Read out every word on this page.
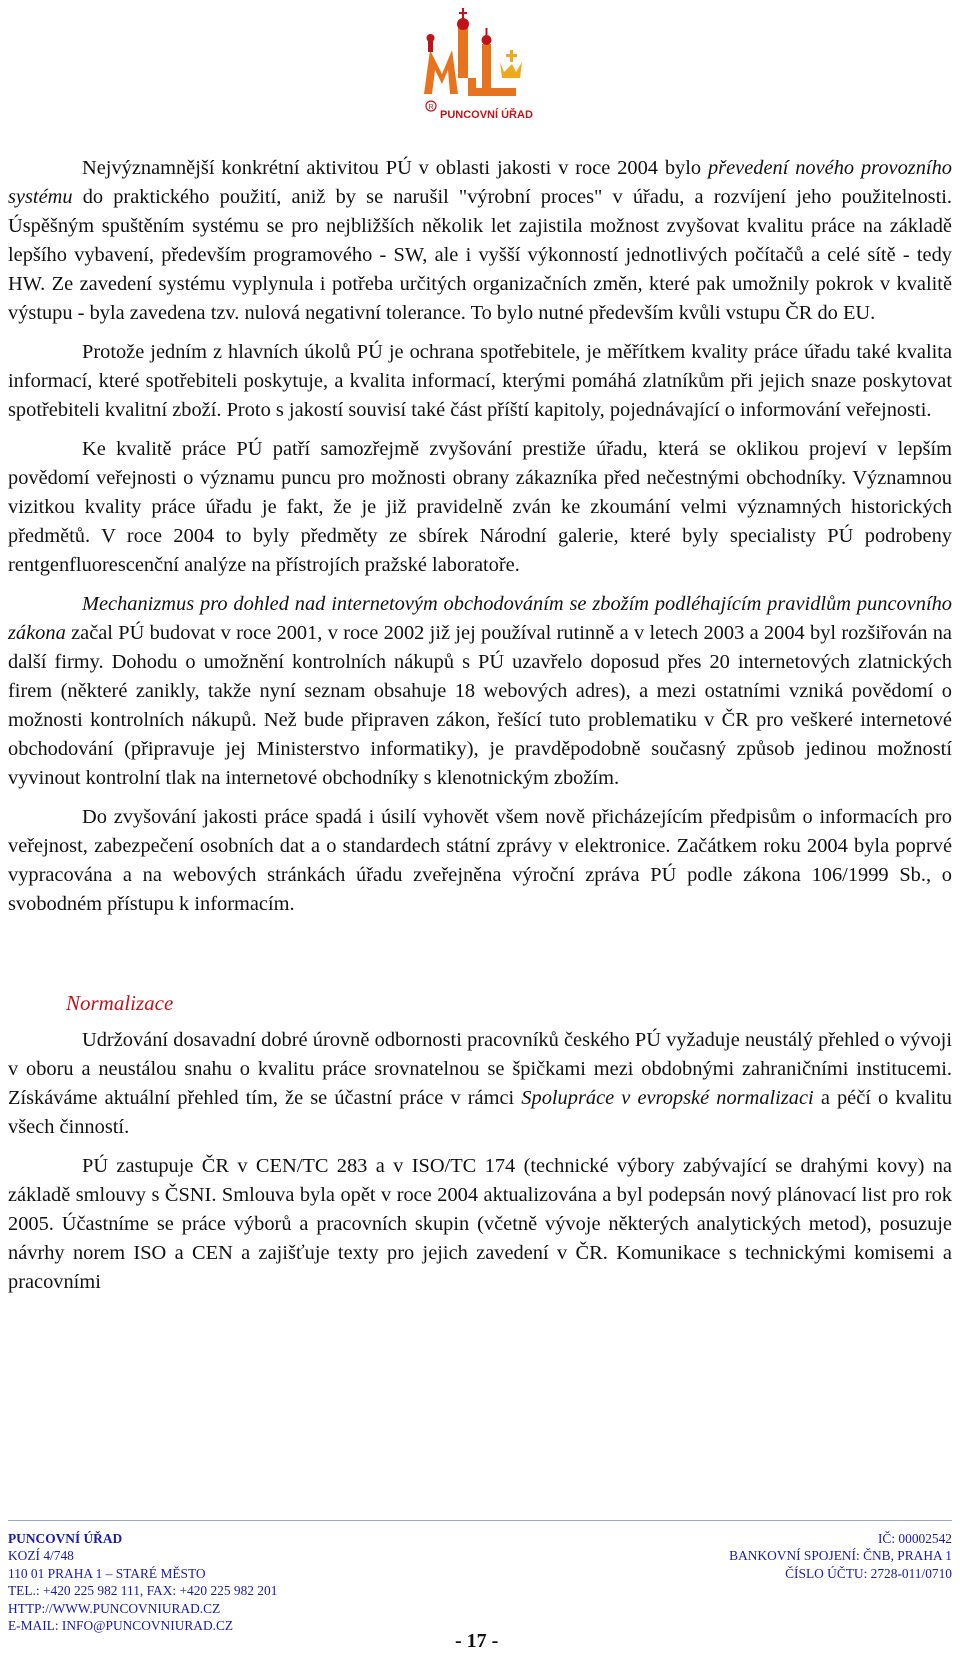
R
PUNCOVNÍ ÚŘAD

Nejvýznamnější konkrétní aktivitou PÚ v oblasti jakosti v roce 2004 bylo převedení nového provozního systému do praktického použití, aniž by se narušil "výrobní proces" v úřadu, a rozvíjení jeho použitelnosti. Úspěšným spuštěním systému se pro nejbližších několik let zajistila možnost zvyšovat kvalitu práce na základě lepšího vybavení, především programového - SW, ale i vyšší výkonností jednotlivých počítačů a celé sítě - tedy HW. Ze zavedení systému vyplynula i potřeba určitých organizačních změn, které pak umožnily pokrok v kvalitě výstupu - byla zavedena tzv. nulová negativní tolerance. To bylo nutné především kvůli vstupu ČR do EU.

Protože jedním z hlavních úkolů PÚ je ochrana spotřebitele, je měřítkem kvality práce úřadu také kvalita informací, které spotřebiteli poskytuje, a kvalita informací, kterými pomáhá zlatníkům při jejich snaze poskytovat spotřebiteli kvalitní zboží. Proto s jakostí souvisí také část příští kapitoly, pojednávající o informování veřejnosti.

Ke kvalitě práce PÚ patří samozřejmě zvyšování prestiže úřadu, která se oklikou projeví v lepším povědomí veřejnosti o významu puncu pro možnosti obrany zákazníka před nečestnými obchodníky. Významnou vizitkou kvality práce úřadu je fakt, že je již pravidelně zván ke zkoumání velmi významných historických předmětů. V roce 2004 to byly předměty ze sbírek Národní galerie, které byly specialisty PÚ podrobeny rentgenfluorescenční analýze na přístrojích pražské laboratoře.

Mechanizmus pro dohled nad internetovým obchodováním se zbožím podléhajícím pravidlům puncovního zákona začal PÚ budovat v roce 2001, v roce 2002 již jej používal rutinně a v letech 2003 a 2004 byl rozšiřován na další firmy. Dohodu o umožnění kontrolních nákupů s PÚ uzavřelo doposud přes 20 internetových zlatnických firem (některé zanikly, takže nyní seznam obsahuje 18 webových adres), a mezi ostatními vzniká povědomí o možnosti kontrolních nákupů. Než bude připraven zákon, řešící tuto problematiku v ČR pro veškeré internetové obchodování (připravuje jej Ministerstvo informatiky), je pravděpodobně současný způsob jedinou možností vyvinout kontrolní tlak na internetové obchodníky s klenotnickým zbožím.

Do zvyšování jakosti práce spadá i úsilí vyhovět všem nově přicházejícím předpisům o informacích pro veřejnost, zabezpečení osobních dat a o standardech státní zprávy v elektronice. Začátkem roku 2004 byla poprvé vypracována a na webových stránkách úřadu zveřejněna výroční zpráva PÚ podle zákona 106/1999 Sb., o svobodném přístupu k informacím.

Normalizace

Udržování dosavadní dobré úrovně odbornosti pracovníků českého PÚ vyžaduje neustálý přehled o vývoji v oboru a neustálou snahu o kvalitu práce srovnatelnou se špičkami mezi obdobnými zahraničními institucemi. Získáváme aktuální přehled tím, že se účastní práce v rámci Spolupráce v evropské normalizaci a péčí o kvalitu všech činností.

PÚ zastupuje ČR v CEN/TC 283 a v ISO/TC 174 (technické výbory zabývající se drahými kovy) na základě smlouvy s ČSNI. Smlouva byla opět v roce 2004 aktualizována a byl podepsán nový plánovací list pro rok 2005. Účastníme se práce výborů a pracovních skupin (včetně vývoje některých analytických metod), posuzuje návrhy norem ISO a CEN a zajišťuje texty pro jejich zavedení v ČR. Komunikace s technickými komisemi a pracovními

PUNCOVNÍ ÚŘAD
KOZÍ 4/748
110 01 PRAHA 1 – STARÉ MĚSTO
TEL.: +420 225 982 111, FAX: +420 225 982 201
HTTP://WWW.PUNCOVNIURAD.CZ
E-MAIL: INFO@PUNCOVNIURAD.CZ
IČ: 00002542
BANKOVNÍ SPOJENÍ: ČNB, PRAHA 1
ČÍSLO ÚČTU: 2728-011/0710
- 17 -
